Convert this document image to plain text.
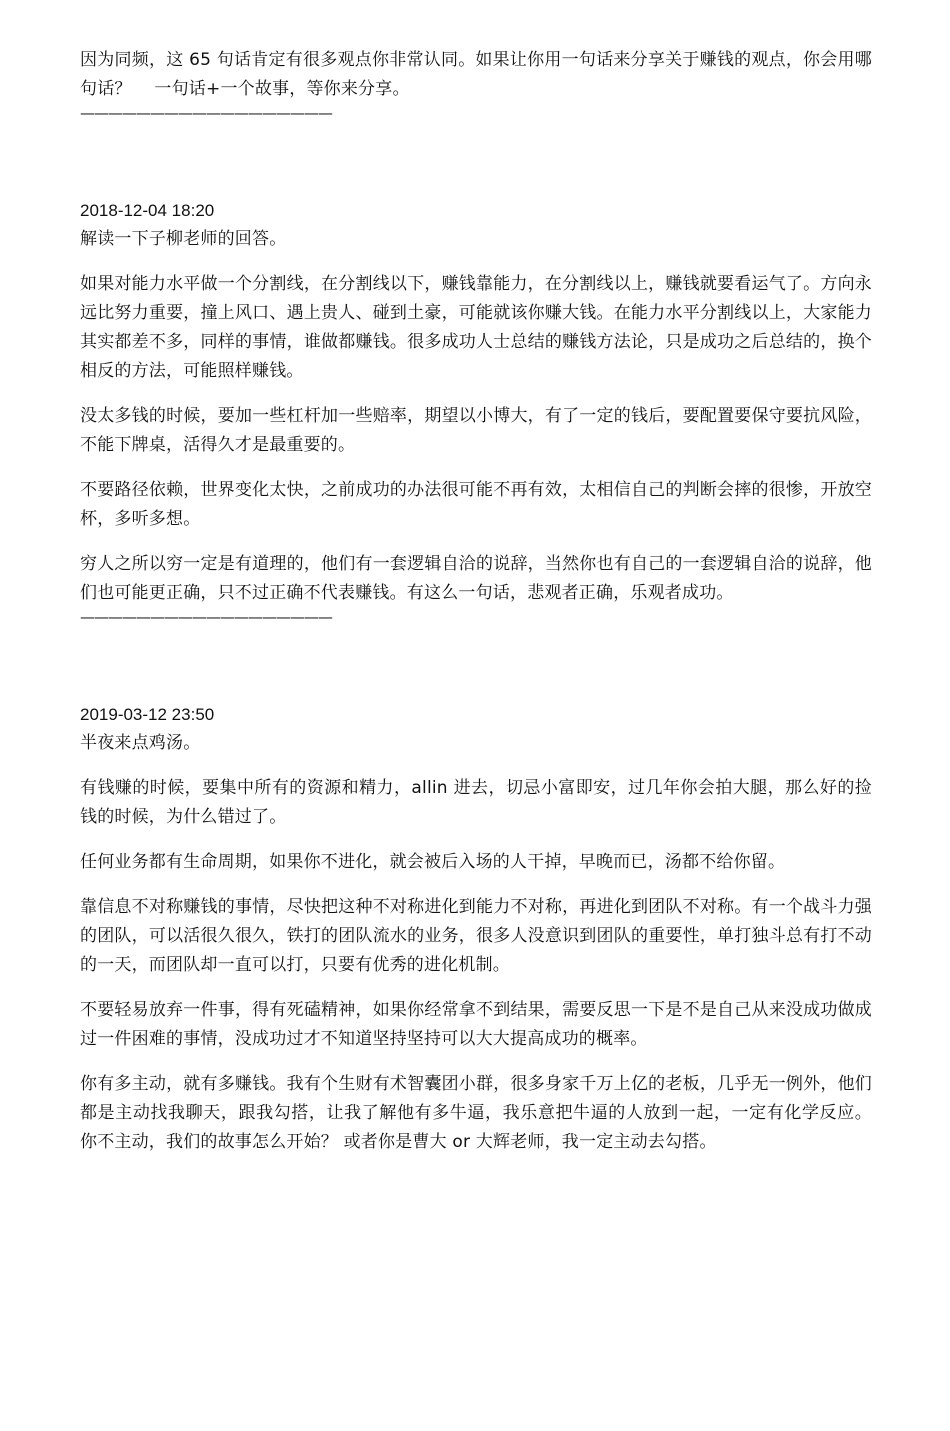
因为同频，这 65 句话肯定有很多观点你非常认同。如果让你用一句话来分享关于赚钱的观点，你会用哪句话？　 一句话+一个故事，等你来分享。

——————————————————

2018-12-04 18:20

解读一下子柳老师的回答。

如果对能力水平做一个分割线，在分割线以下，赚钱靠能力，在分割线以上，赚钱就要看运气了。方向永远比努力重要，撞上风口、遇上贵人、碰到土豪，可能就该你赚大钱。在能力水平分割线以上，大家能力其实都差不多，同样的事情，谁做都赚钱。很多成功人士总结的赚钱方法论，只是成功之后总结的，换个相反的方法，可能照样赚钱。

没太多钱的时候，要加一些杠杆加一些赔率，期望以小博大，有了一定的钱后，要配置要保守要抗风险，不能下牌桌，活得久才是最重要的。

不要路径依赖，世界变化太快，之前成功的办法很可能不再有效，太相信自己的判断会摔的很惨，开放空杯，多听多想。

穷人之所以穷一定是有道理的，他们有一套逻辑自洽的说辞，当然你也有自己的一套逻辑自洽的说辞，他们也可能更正确，只不过正确不代表赚钱。有这么一句话，悲观者正确，乐观者成功。

——————————————————

2019-03-12 23:50

半夜来点鸡汤。

有钱赚的时候，要集中所有的资源和精力，allin 进去，切忌小富即安，过几年你会拍大腿，那么好的捡钱的时候，为什么错过了。

任何业务都有生命周期，如果你不进化，就会被后入场的人干掉，早晚而已，汤都不给你留。

靠信息不对称赚钱的事情，尽快把这种不对称进化到能力不对称，再进化到团队不对称。有一个战斗力强的团队，可以活很久很久，铁打的团队流水的业务，很多人没意识到团队的重要性，单打独斗总有打不动的一天，而团队却一直可以打，只要有优秀的进化机制。

不要轻易放弃一件事，得有死磕精神，如果你经常拿不到结果，需要反思一下是不是自己从来没成功做成过一件困难的事情，没成功过才不知道坚持坚持可以大大提高成功的概率。

你有多主动，就有多赚钱。我有个生财有术智囊团小群，很多身家千万上亿的老板，几乎无一例外，他们都是主动找我聊天，跟我勾搭，让我了解他有多牛逼，我乐意把牛逼的人放到一起，一定有化学反应。 你不主动，我们的故事怎么开始？ 或者你是曹大 or 大辉老师，我一定主动去勾搭。
